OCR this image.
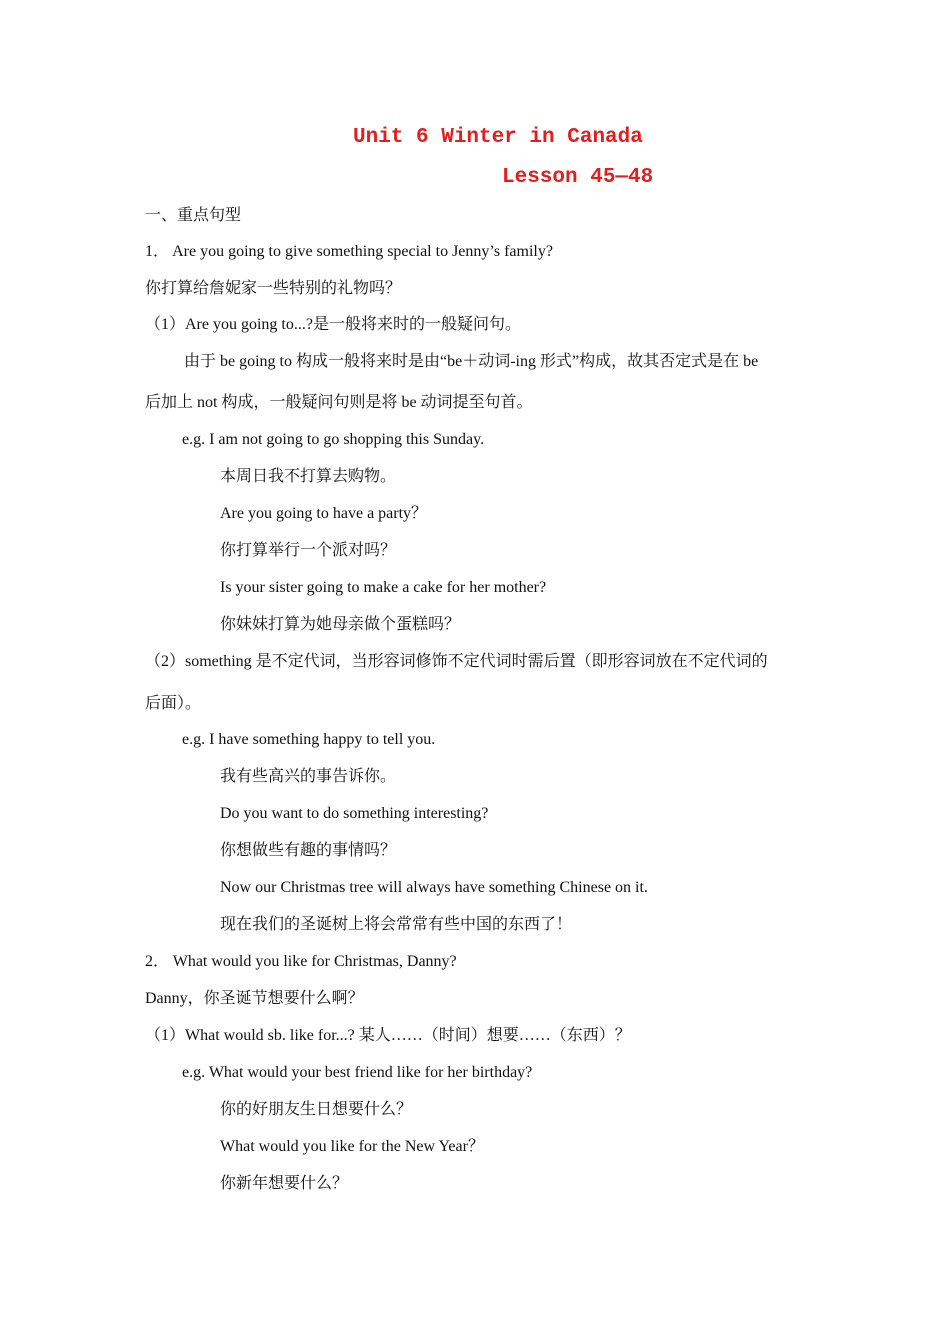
Unit 6 Winter in Canada
Lesson 45—48
一、重点句型
1． Are you going to give something special to Jenny’s family?
你打算给詹妮家一些特别的礼物吗？
（1）Are you going to...?是一般将来时的一般疑问句。
由于 be going to 构成一般将来时是由“be＋动词-ing 形式”构成，故其否定式是在 be
后加上 not 构成，一般疑问句则是将 be 动词提至句首。
e.g. I am not going to go shopping this Sunday.
本周日我不打算去购物。
Are you going to have a party？
你打算举行一个派对吗？
Is your sister going to make a cake for her mother?
你妹妹打算为她母亲做个蛋糕吗？
（2）something 是不定代词，当形容词修饰不定代词时需后置（即形容词放在不定代词的
后面）。
e.g. I have something happy to tell you.
我有些高兴的事告诉你。
Do you want to do something interesting?
你想做些有趣的事情吗？
Now our Christmas tree will always have something Chinese on it.
现在我们的圣诞树上将会常常有些中国的东西了！
2． What would you like for Christmas, Danny?
Danny，你圣诞节想要什么啊？
（1）What would sb. like for...? 某人……（时间）想要……（东西）？
e.g. What would your best friend like for her birthday?
你的好朋友生日想要什么？
What would you like for the New Year？
你新年想要什么？
